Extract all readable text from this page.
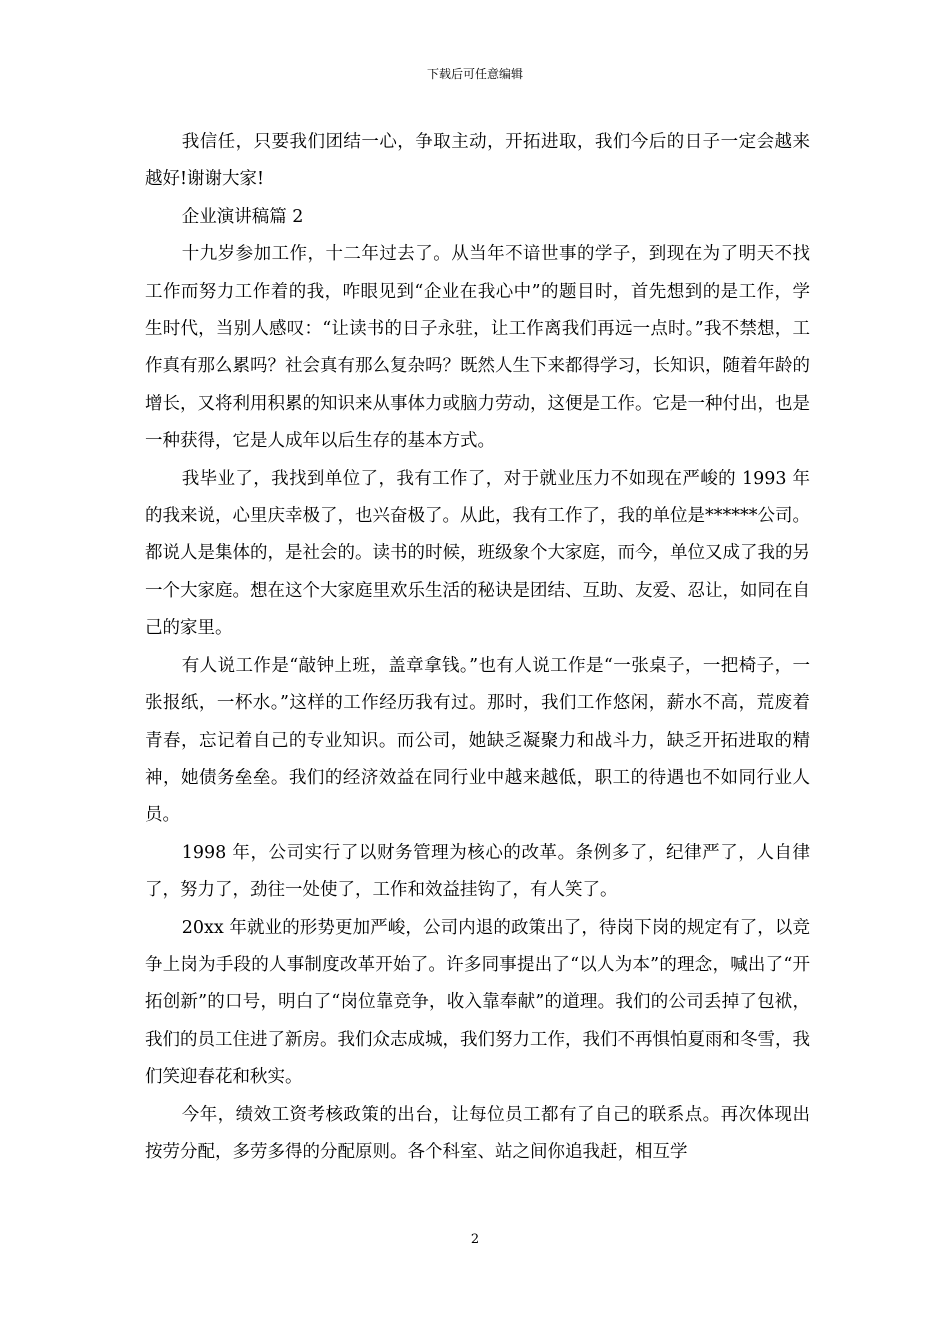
下载后可任意编辑

我信任，只要我们团结一心，争取主动，开拓进取，我们今后的日子一定会越来越好!谢谢大家!

企业演讲稿篇 2

十九岁参加工作，十二年过去了。从当年不谙世事的学子，到现在为了明天不找工作而努力工作着的我，咋眼见到“企业在我心中”的题目时，首先想到的是工作，学生时代，当别人感叹：“让读书的日子永驻，让工作离我们再远一点时。”我不禁想，工作真有那么累吗？社会真有那么复杂吗？既然人生下来都得学习，长知识，随着年龄的增长，又将利用积累的知识来从事体力或脑力劳动，这便是工作。它是一种付出，也是一种获得，它是人成年以后生存的基本方式。

我毕业了，我找到单位了，我有工作了，对于就业压力不如现在严峻的 1993 年的我来说，心里庆幸极了，也兴奋极了。从此，我有工作了，我的单位是******公司。都说人是集体的，是社会的。读书的时候，班级象个大家庭，而今，单位又成了我的另一个大家庭。想在这个大家庭里欢乐生活的秘诀是团结、互助、友爱、忍让，如同在自己的家里。

有人说工作是“敲钟上班，盖章拿钱。”也有人说工作是“一张桌子，一把椅子，一张报纸，一杯水。”这样的工作经历我有过。那时，我们工作悠闲，薪水不高，荒废着青春，忘记着自己的专业知识。而公司，她缺乏凝聚力和战斗力，缺乏开拓进取的精神，她债务垒垒。我们的经济效益在同行业中越来越低，职工的待遇也不如同行业人员。

1998 年，公司实行了以财务管理为核心的改革。条例多了，纪律严了，人自律了，努力了，劲往一处使了，工作和效益挂钩了，有人笑了。

20xx 年就业的形势更加严峻，公司内退的政策出了，待岗下岗的规定有了，以竞争上岗为手段的人事制度改革开始了。许多同事提出了“以人为本”的理念，喊出了“开拓创新”的口号，明白了“岗位靠竞争，收入靠奉献”的道理。我们的公司丢掉了包袱，我们的员工住进了新房。我们众志成城，我们努力工作，我们不再惧怕夏雨和冬雪，我们笑迎春花和秋实。

今年，绩效工资考核政策的出台，让每位员工都有了自己的联系点。再次体现出按劳分配，多劳多得的分配原则。各个科室、站之间你追我赶，相互学

2
